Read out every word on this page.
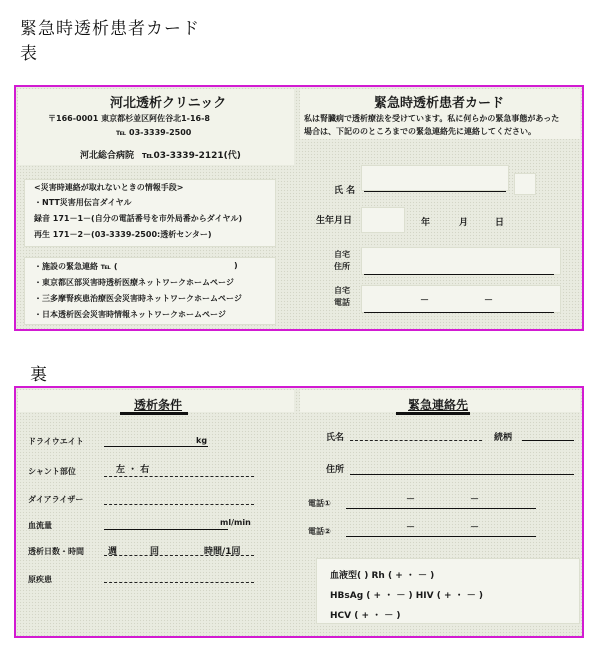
緊急時透析患者カード
表
河北透析クリニック
〒166-0001 東京都杉並区阿佐谷北1-16-8
℡ 03-3339-2500
河北総合病院 ℡03-3339-2121(代)
緊急時透析患者カード
私は腎臓病で透析療法を受けています。私に何らかの緊急事態があった
場合は、下記ののところまでの緊急連絡先に連絡してください。
<災害時連絡が取れないときの情報手段>
・NTT災害用伝言ダイヤル
録音 171－1－(自分の電話番号を市外局番からダイヤル)
再生 171－2－(03-3339-2500:透析センター)
・施設の緊急連絡 ℡ (	)
・東京都区部災害時透析医療ネットワークホームページ
・三多摩腎疾患治療医会災害時ネットワークホームページ
・日本透析医会災害時情報ネットワークホームページ
氏 名
生年月日	年	月	日
自宅
住所
自宅
電話	－	－
裏
透析条件	緊急連絡先
ドライウエイト	kg
シャント部位	左 ・ 右
ダイアライザー
血流量	ml/min
透析日数・時間	週	回	時間/1回
原疾患
氏名	続柄
住所
電話①	－	－
電話②	－	－
血液型( ) Rh ( + ・ － )
HBsAg ( + ・ － ) HIV ( + ・ － )
HCV ( + ・ － )
